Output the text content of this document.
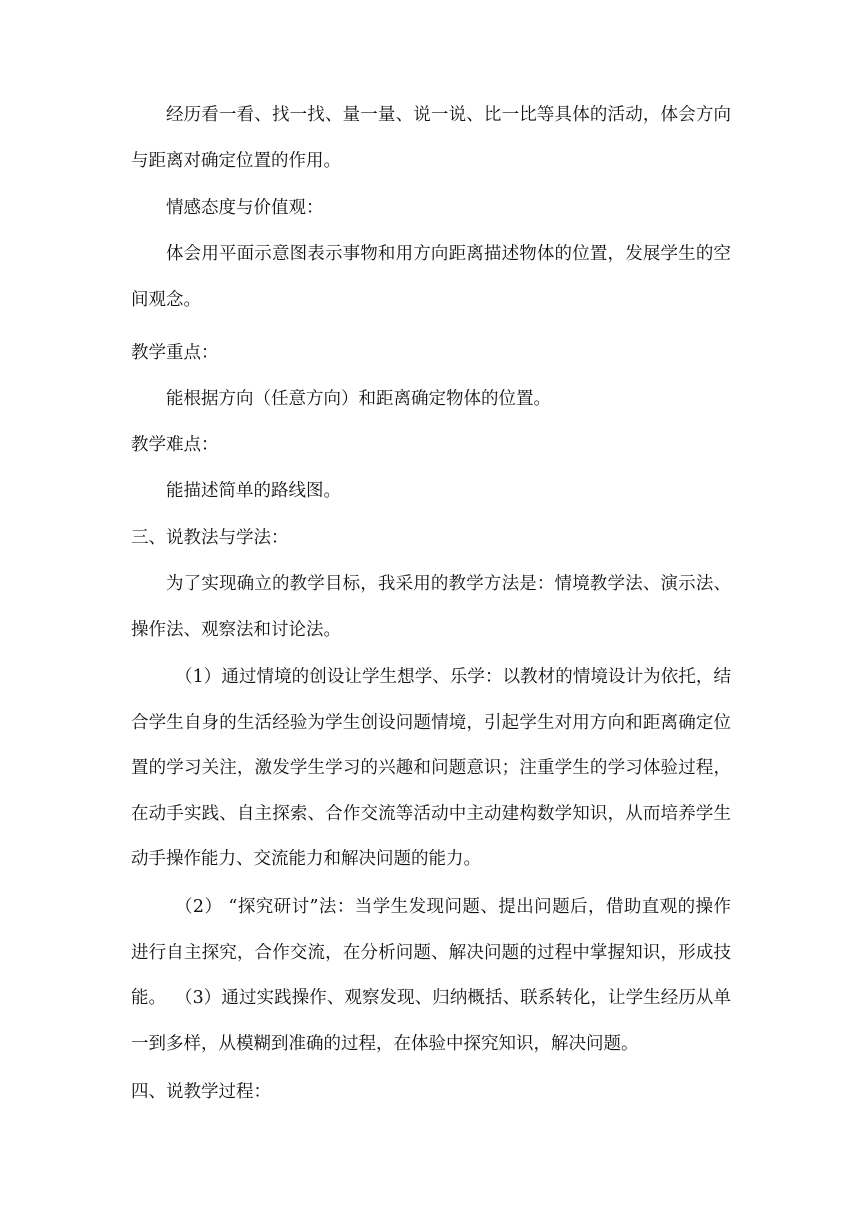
经历看一看、找一找、量一量、说一说、比一比等具体的活动，体会方向与距离对确定位置的作用。

情感态度与价值观：

体会用平面示意图表示事物和用方向距离描述物体的位置，发展学生的空间观念。

教学重点：

能根据方向（任意方向）和距离确定物体的位置。

教学难点：

能描述简单的路线图。

三、说教法与学法：

为了实现确立的教学目标，我采用的教学方法是：情境教学法、演示法、操作法、观察法和讨论法。

（1）通过情境的创设让学生想学、乐学：以教材的情境设计为依托，结合学生自身的生活经验为学生创设问题情境，引起学生对用方向和距离确定位置的学习关注，激发学生学习的兴趣和问题意识；注重学生的学习体验过程，在动手实践、自主探索、合作交流等活动中主动建构数学知识，从而培养学生动手操作能力、交流能力和解决问题的能力。

（2） “探究研讨”法：当学生发现问题、提出问题后，借助直观的操作进行自主探究，合作交流，在分析问题、解决问题的过程中掌握知识，形成技能。 （3）通过实践操作、观察发现、归纳概括、联系转化，让学生经历从单一到多样，从模糊到准确的过程，在体验中探究知识，解决问题。

四、说教学过程：
